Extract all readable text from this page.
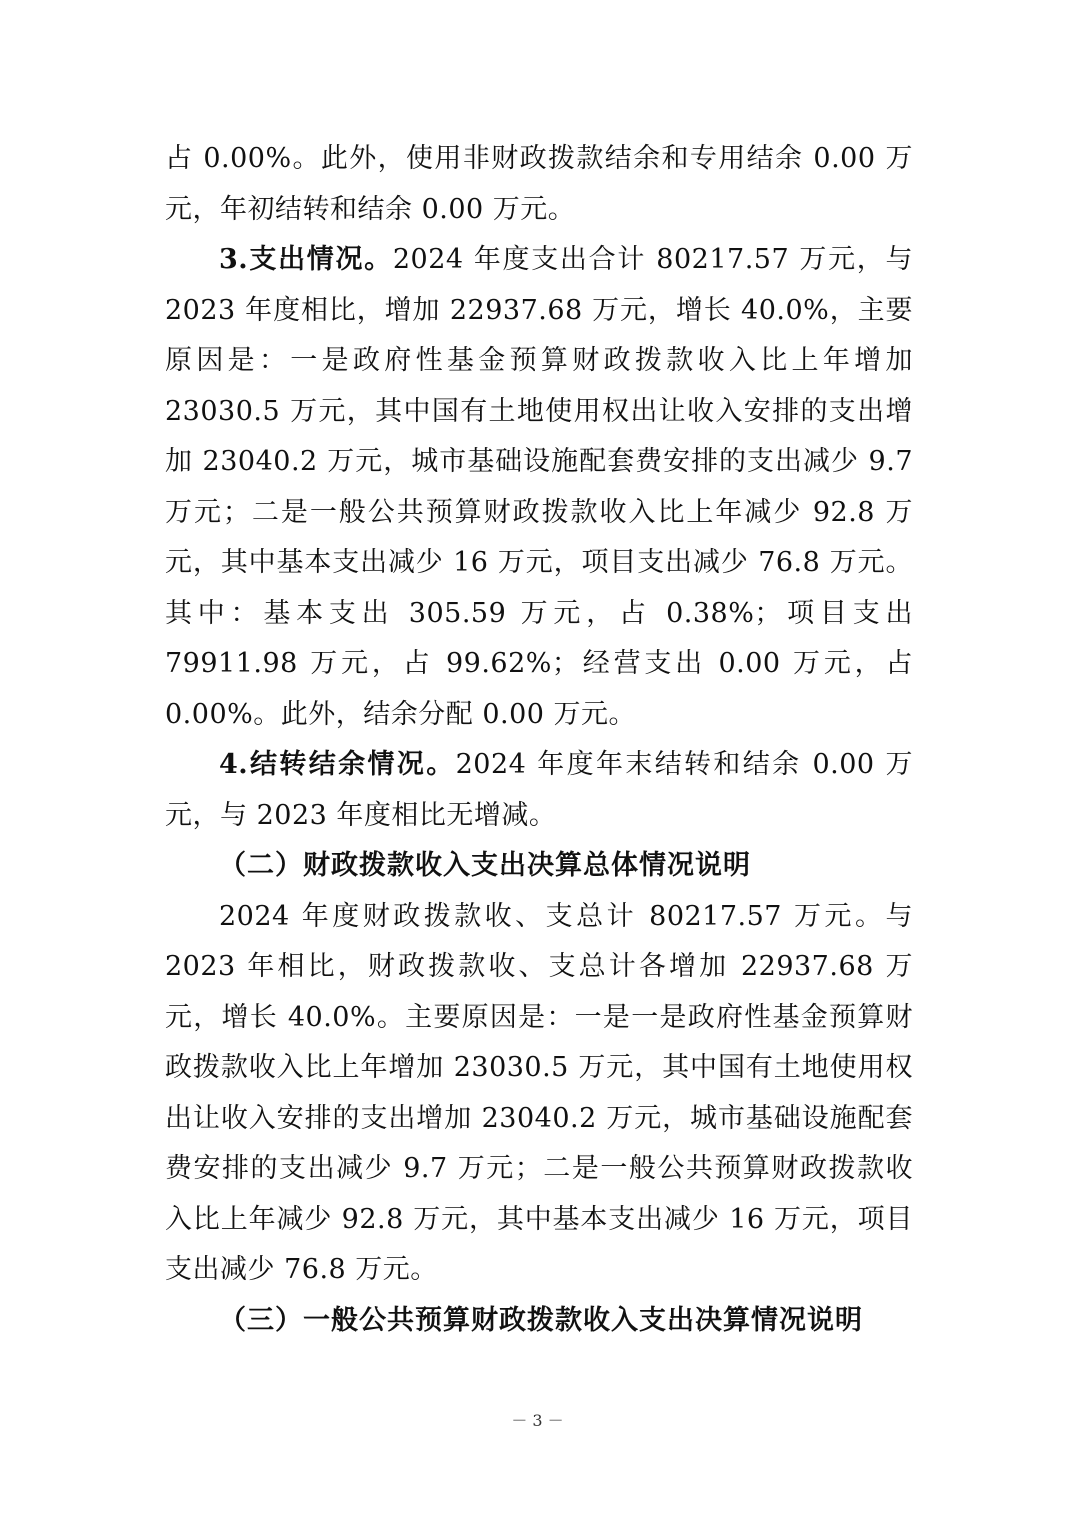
占 0.00%。此外，使用非财政拨款结余和专用结余 0.00 万元，年初结转和结余 0.00 万元。

3.支出情况。2024 年度支出合计 80217.57 万元，与 2023 年度相比，增加 22937.68 万元，增长 40.0%，主要原因是：一是政府性基金预算财政拨款收入比上年增加 23030.5 万元，其中国有土地使用权出让收入安排的支出增加 23040.2 万元，城市基础设施配套费安排的支出减少 9.7 万元；二是一般公共预算财政拨款收入比上年减少 92.8 万元，其中基本支出减少 16 万元，项目支出减少 76.8 万元。其中：基本支出 305.59 万元，占 0.38%；项目支出 79911.98 万元，占 99.62%；经营支出 0.00 万元，占 0.00%。此外，结余分配 0.00 万元。

4.结转结余情况。2024 年度年末结转和结余 0.00 万元，与 2023 年度相比无增减。

（二）财政拨款收入支出决算总体情况说明

2024 年度财政拨款收、支总计 80217.57 万元。与 2023 年相比，财政拨款收、支总计各增加 22937.68 万元，增长 40.0%。主要原因是：一是一是政府性基金预算财政拨款收入比上年增加 23030.5 万元，其中国有土地使用权出让收入安排的支出增加 23040.2 万元，城市基础设施配套费安排的支出减少 9.7 万元；二是一般公共预算财政拨款收入比上年减少 92.8 万元，其中基本支出减少 16 万元，项目支出减少 76.8 万元。

（三）一般公共预算财政拨款收入支出决算情况说明

－ 3 －
